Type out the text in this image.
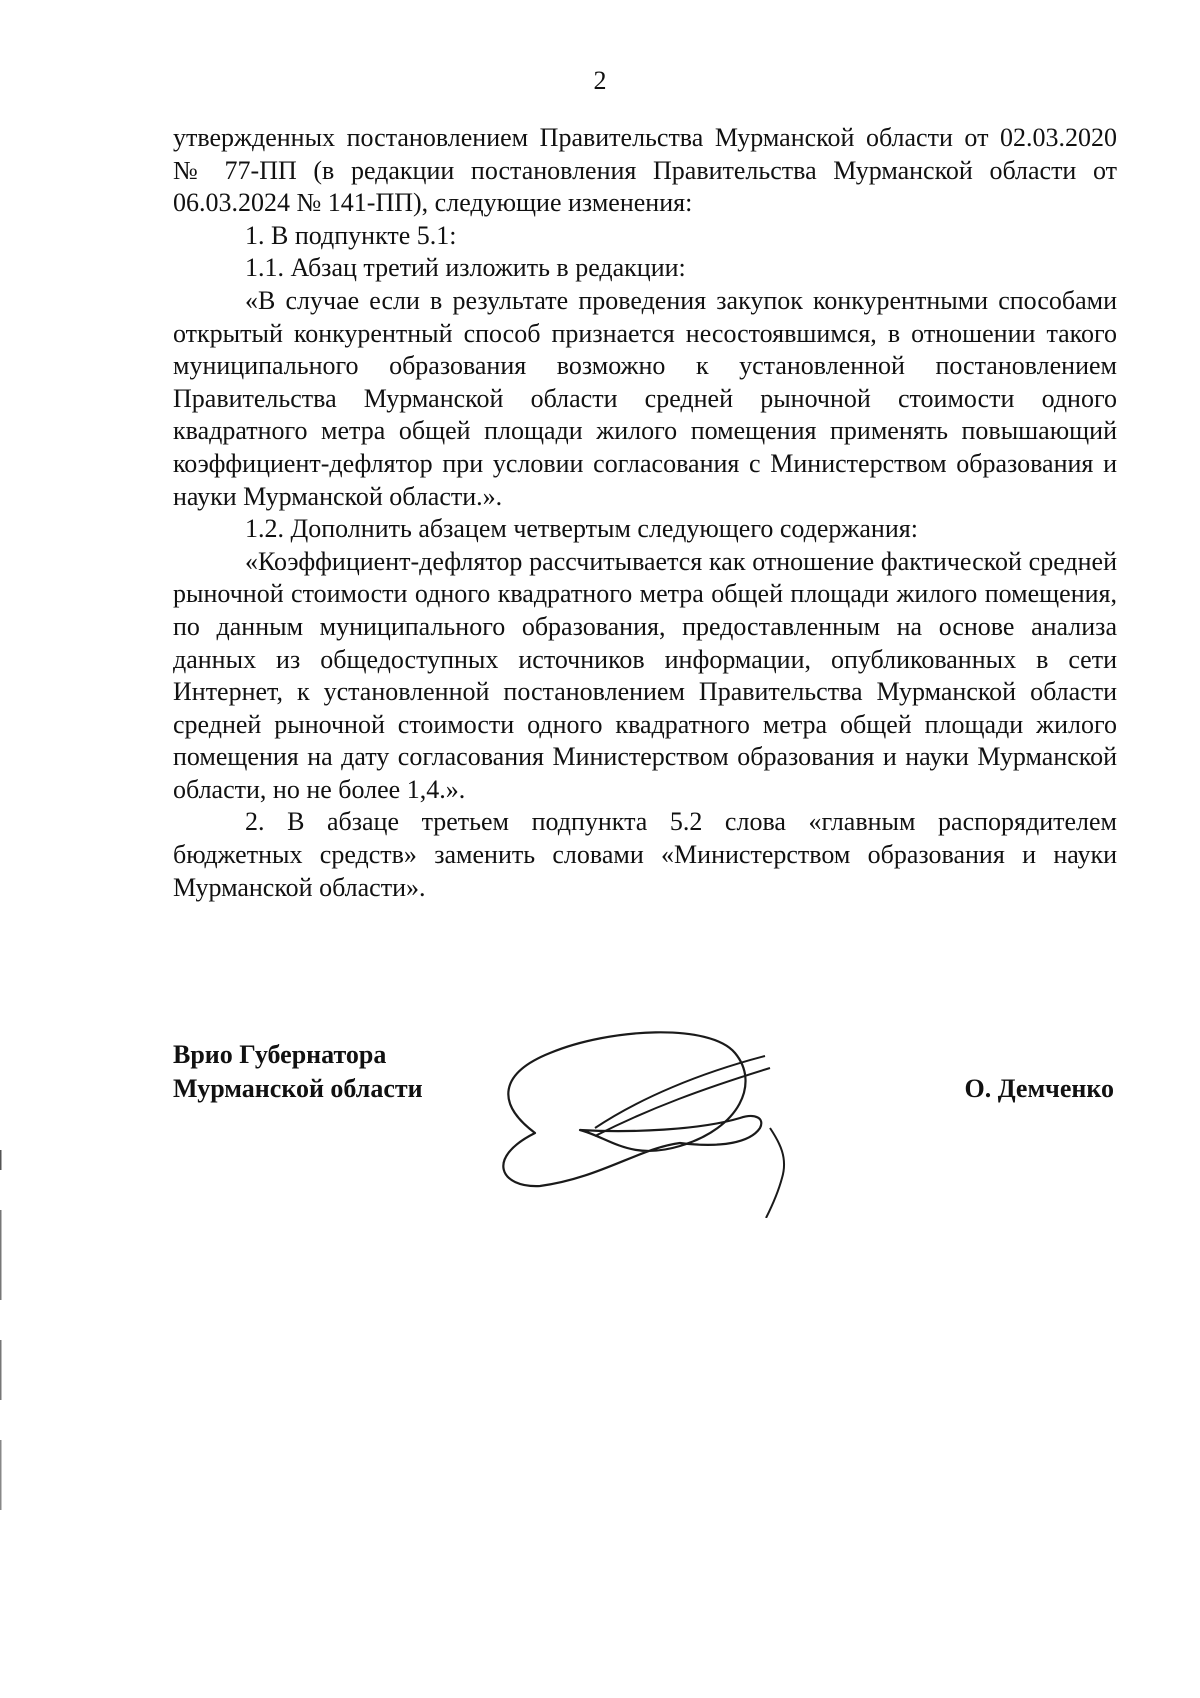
2

утвержденных постановлением Правительства Мурманской области от 02.03.2020 № 77-ПП (в редакции постановления Правительства Мурманской области от 06.03.2024 № 141-ПП), следующие изменения:

1. В подпункте 5.1:

1.1. Абзац третий изложить в редакции:

«В случае если в результате проведения закупок конкурентными способами открытый конкурентный способ признается несостоявшимся, в отношении такого муниципального образования возможно к установленной постановлением Правительства Мурманской области средней рыночной стоимости одного квадратного метра общей площади жилого помещения применять повышающий коэффициент-дефлятор при условии согласования с Министерством образования и науки Мурманской области.».

1.2. Дополнить абзацем четвертым следующего содержания:

«Коэффициент-дефлятор рассчитывается как отношение фактической средней рыночной стоимости одного квадратного метра общей площади жилого помещения, по данным муниципального образования, предоставленным на основе анализа данных из общедоступных источников информации, опубликованных в сети Интернет, к установленной постановлением Правительства Мурманской области средней рыночной стоимости одного квадратного метра общей площади жилого помещения на дату согласования Министерством образования и науки Мурманской области, но не более 1,4.».

2. В абзаце третьем подпункта 5.2 слова «главным распорядителем бюджетных средств» заменить словами «Министерством образования и науки Мурманской области».

Врио Губернатора
Мурманской области	О. Демченко
